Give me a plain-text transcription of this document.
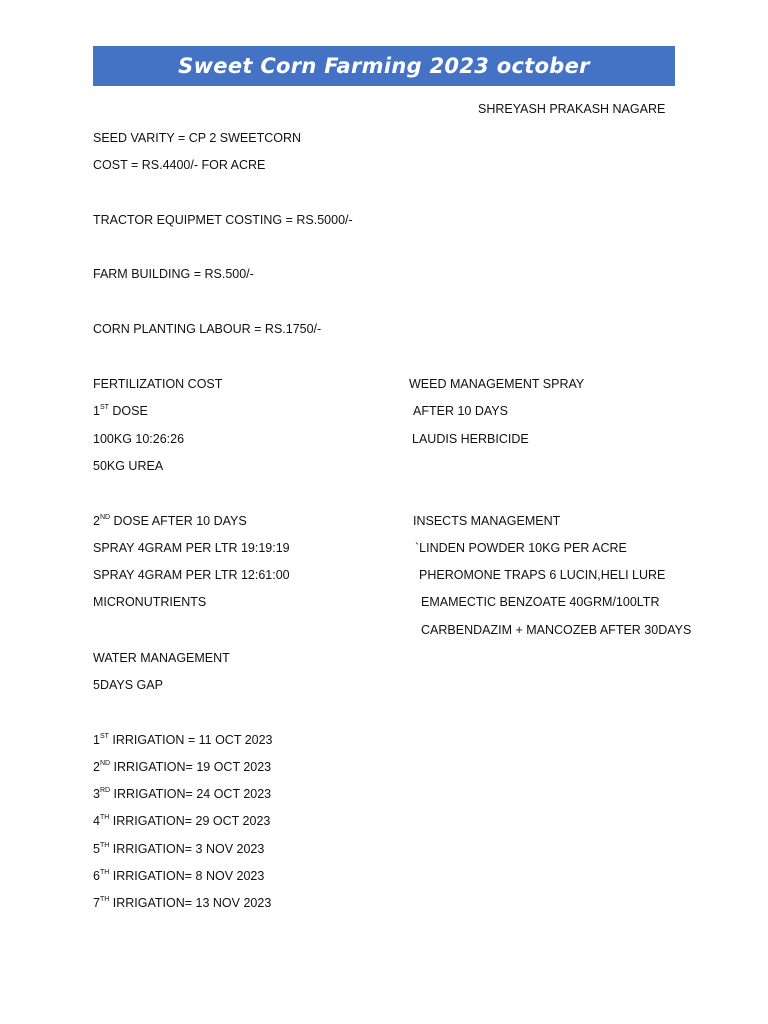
Sweet Corn Farming 2023 october
SHREYASH PRAKASH NAGARE
SEED VARITY = CP 2 SWEETCORN
COST = RS.4400/- FOR ACRE
TRACTOR EQUIPMET COSTING = RS.5000/-
FARM BUILDING = RS.500/-
CORN PLANTING LABOUR = RS.1750/-
FERTILIZATION COST
1ST DOSE
100KG 10:26:26
50KG UREA
2ND DOSE AFTER 10 DAYS
SPRAY 4GRAM PER LTR 19:19:19
SPRAY 4GRAM PER LTR 12:61:00
MICRONUTRIENTS
WEED MANAGEMENT SPRAY
AFTER 10 DAYS
LAUDIS HERBICIDE
INSECTS MANAGEMENT
`LINDEN POWDER 10KG PER ACRE
PHEROMONE TRAPS 6 LUCIN,HELI LURE
EMAMECTIC BENZOATE 40GRM/100LTR
CARBENDAZIM + MANCOZEB AFTER 30DAYS
WATER MANAGEMENT
5DAYS GAP
1ST IRRIGATION = 11 OCT 2023
2ND IRRIGATION= 19 OCT 2023
3RD IRRIGATION= 24 OCT 2023
4TH IRRIGATION= 29 OCT 2023
5TH IRRIGATION= 3 NOV 2023
6TH IRRIGATION= 8 NOV 2023
7TH IRRIGATION= 13 NOV 2023
